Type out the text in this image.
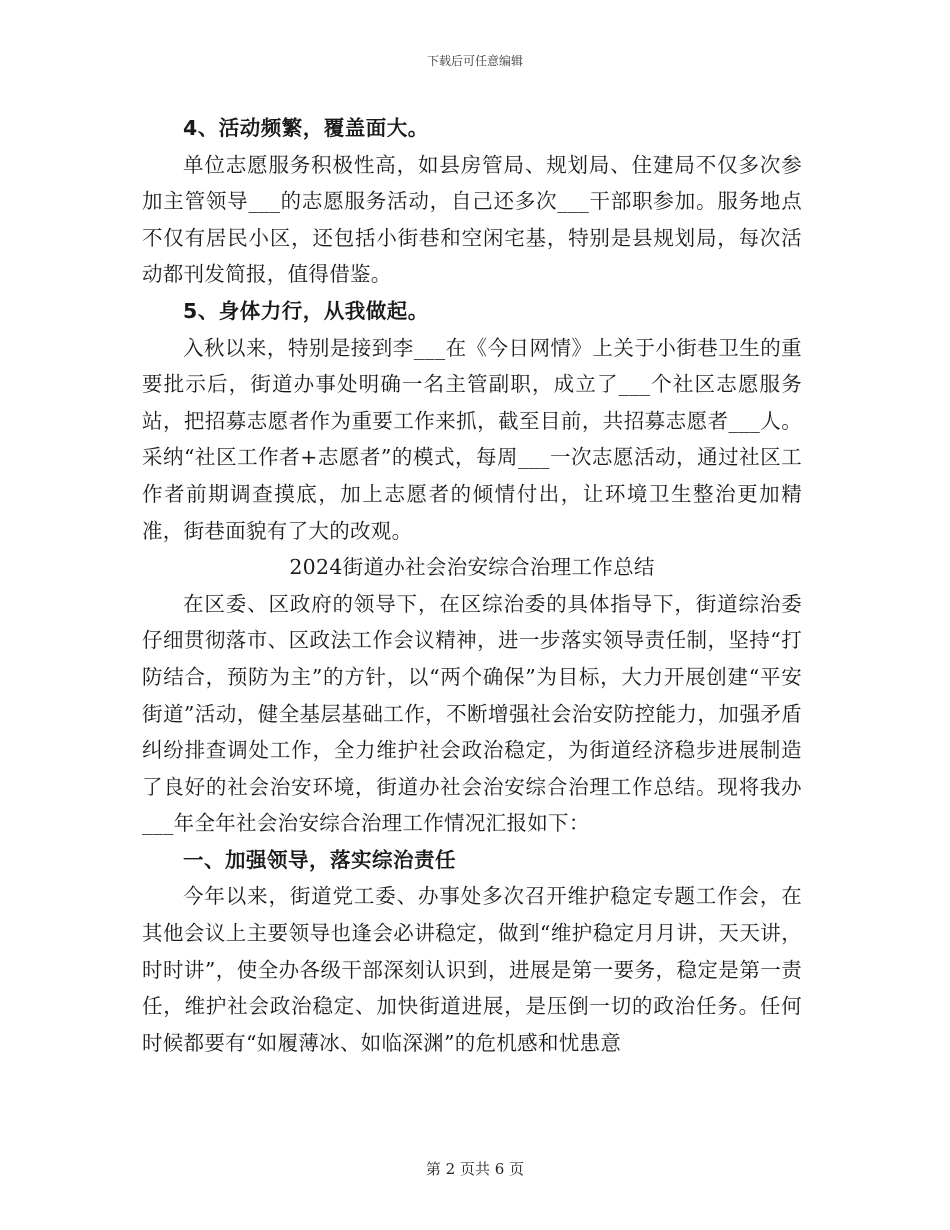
下载后可任意编辑

4、活动频繁，覆盖面大。

单位志愿服务积极性高，如县房管局、规划局、住建局不仅多次参加主管领导___的志愿服务活动，自己还多次___干部职参加。服务地点不仅有居民小区，还包括小街巷和空闲宅基，特别是县规划局，每次活动都刊发简报，值得借鉴。

5、身体力行，从我做起。

入秋以来，特别是接到李___在《今日网情》上关于小街巷卫生的重要批示后，街道办事处明确一名主管副职，成立了___个社区志愿服务站，把招募志愿者作为重要工作来抓，截至目前，共招募志愿者___人。采纳“社区工作者+志愿者”的模式，每周___一次志愿活动，通过社区工作者前期调查摸底，加上志愿者的倾情付出，让环境卫生整治更加精准，街巷面貌有了大的改观。

2024街道办社会治安综合治理工作总结

在区委、区政府的领导下，在区综治委的具体指导下，街道综治委仔细贯彻落市、区政法工作会议精神，进一步落实领导责任制，坚持“打防结合，预防为主”的方针，以“两个确保”为目标，大力开展创建“平安街道”活动，健全基层基础工作，不断增强社会治安防控能力，加强矛盾纠纷排查调处工作，全力维护社会政治稳定，为街道经济稳步进展制造了良好的社会治安环境，街道办社会治安综合治理工作总结。现将我办___年全年社会治安综合治理工作情况汇报如下：

一、加强领导，落实综治责任

今年以来，街道党工委、办事处多次召开维护稳定专题工作会，在其他会议上主要领导也逢会必讲稳定，做到“维护稳定月月讲，天天讲，时时讲”，使全办各级干部深刻认识到，进展是第一要务，稳定是第一责任，维护社会政治稳定、加快街道进展，是压倒一切的政治任务。任何时候都要有“如履薄冰、如临深渊”的危机感和忧患意

第 2 页共 6 页
